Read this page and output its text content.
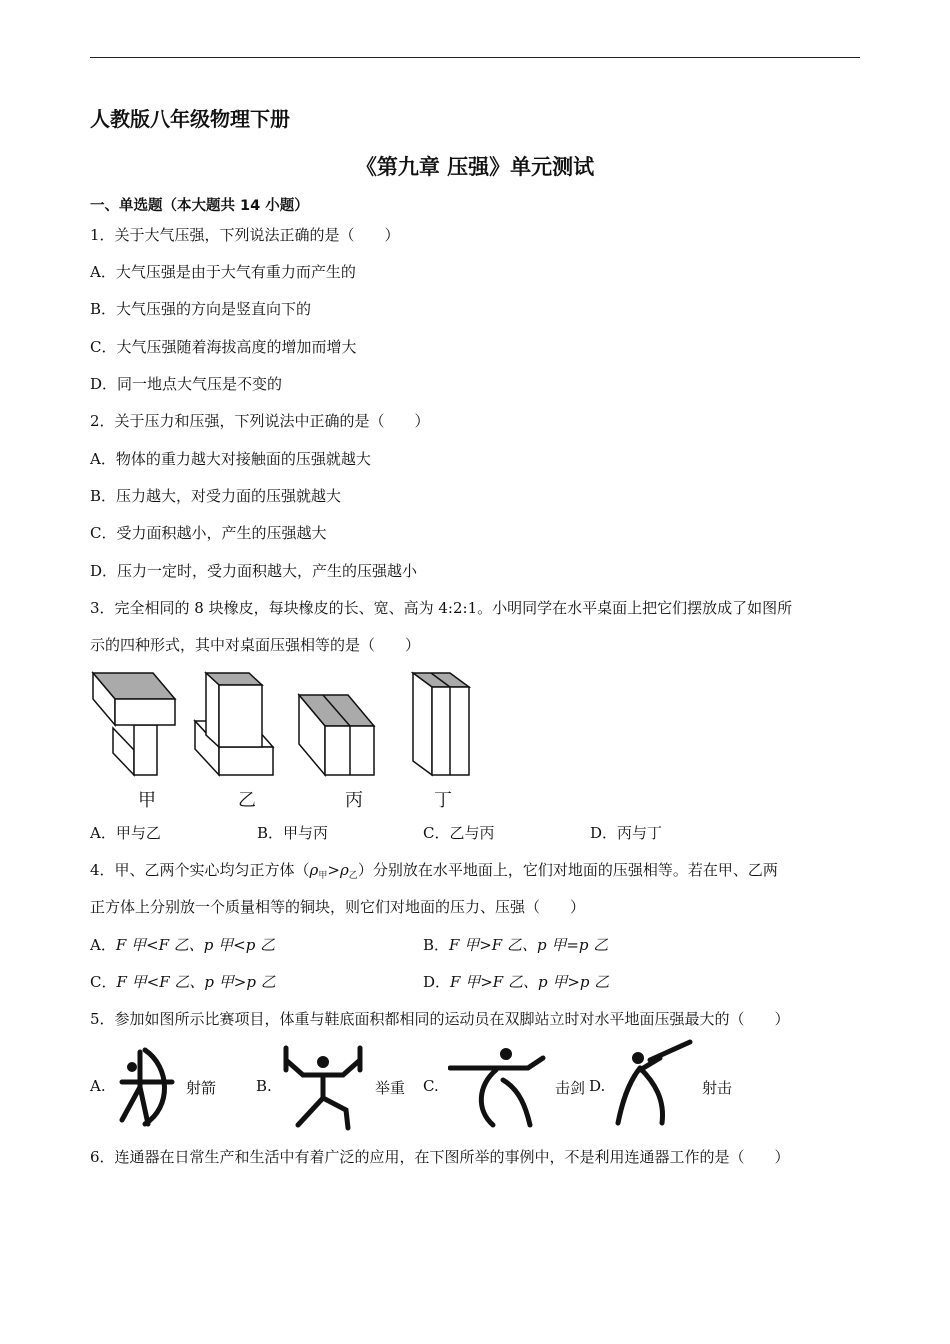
人教版八年级物理下册
《第九章 压强》单元测试
一、单选题（本大题共 14 小题）
1．关于大气压强，下列说法正确的是（　　）
A．大气压强是由于大气有重力而产生的
B．大气压强的方向是竖直向下的
C．大气压强随着海拔高度的增加而增大
D．同一地点大气压是不变的
2．关于压力和压强，下列说法中正确的是（　　）
A．物体的重力越大对接触面的压强就越大
B．压力越大，对受力面的压强就越大
C．受力面积越小，产生的压强越大
D．压力一定时，受力面积越大，产生的压强越小
3．完全相同的 8 块橡皮，每块橡皮的长、宽、高为 4:2:1。小明同学在水平桌面上把它们摆放成了如图所
示的四种形式，其中对桌面压强相等的是（　　）
甲	乙	丙	丁
A．甲与乙	B．甲与丙	C．乙与丙	D．丙与丁
4．甲、乙两个实心均匀正方体$(\rho_甲>\rho_乙)$分别放在水平地面上，它们对地面的压强相等。若在甲、乙两
正方体上分别放一个质量相等的铜块，则它们对地面的压力、压强（　　）
A．F 甲<F 乙、p 甲<p 乙	B．F 甲>F 乙、p 甲=p 乙
C．F 甲<F 乙、p 甲>p 乙	D．F 甲>F 乙、p 甲>p 乙
5．参加如图所示比赛项目，体重与鞋底面积都相同的运动员在双脚站立时对水平地面压强最大的（　　）
A.	射箭	B.	举重 C.	击剑 D.	射击
6．连通器在日常生产和生活中有着广泛的应用，在下图所举的事例中，不是利用连通器工作的是（　　）
